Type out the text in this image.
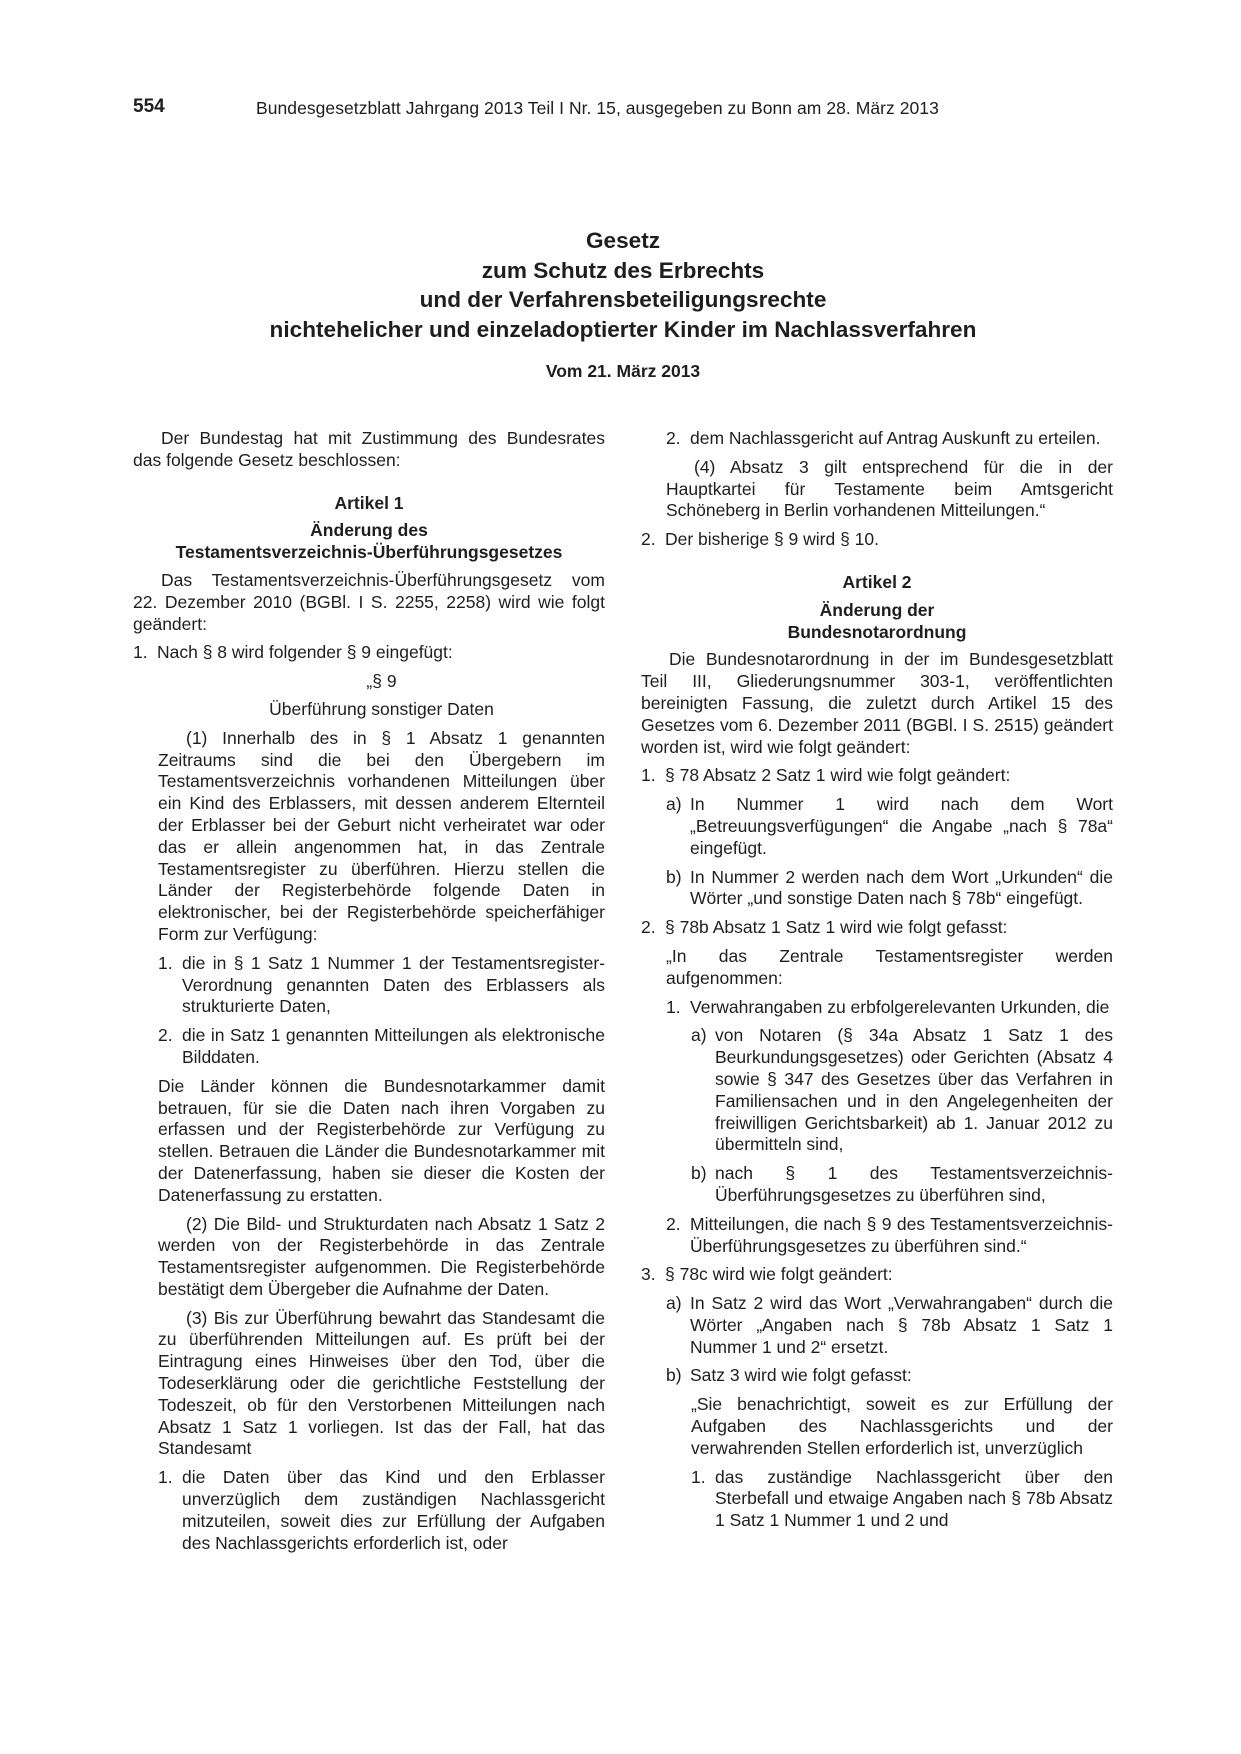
554	Bundesgesetzblatt Jahrgang 2013 Teil I Nr. 15, ausgegeben zu Bonn am 28. März 2013
Gesetz
zum Schutz des Erbrechts
und der Verfahrensbeteiligungsrechte
nichtehelicher und einzeladoptierter Kinder im Nachlassverfahren
Vom 21. März 2013

Der Bundestag hat mit Zustimmung des Bundesrates das folgende Gesetz beschlossen:

Artikel 1

Änderung des

Testamentsverzeichnis-Überführungsgesetzes

Das Testamentsverzeichnis-Überführungsgesetz vom 22. Dezember 2010 (BGBl. I S. 2255, 2258) wird wie folgt geändert:

1. Nach § 8 wird folgender § 9 eingefügt:

„§ 9

Überführung sonstiger Daten

(1) Innerhalb des in § 1 Absatz 1 genannten Zeitraums sind die bei den Übergebern im Testamentsverzeichnis vorhandenen Mitteilungen über ein Kind des Erblassers, mit dessen anderem Elternteil der Erblasser bei der Geburt nicht verheiratet war oder das er allein angenommen hat, in das Zentrale Testamentsregister zu überführen. Hierzu stellen die Länder der Registerbehörde folgende Daten in elektronischer, bei der Registerbehörde speicherfähiger Form zur Verfügung:

1. die in § 1 Satz 1 Nummer 1 der Testamentsregister-Verordnung genannten Daten des Erblassers als strukturierte Daten,

2. die in Satz 1 genannten Mitteilungen als elektronische Bilddaten.

Die Länder können die Bundesnotarkammer damit betrauen, für sie die Daten nach ihren Vorgaben zu erfassen und der Registerbehörde zur Verfügung zu stellen. Betrauen die Länder die Bundesnotarkammer mit der Datenerfassung, haben sie dieser die Kosten der Datenerfassung zu erstatten.

(2) Die Bild- und Strukturdaten nach Absatz 1 Satz 2 werden von der Registerbehörde in das Zentrale Testamentsregister aufgenommen. Die Registerbehörde bestätigt dem Übergeber die Aufnahme der Daten.

(3) Bis zur Überführung bewahrt das Standesamt die zu überführenden Mitteilungen auf. Es prüft bei der Eintragung eines Hinweises über den Tod, über die Todeserklärung oder die gerichtliche Feststellung der Todeszeit, ob für den Verstorbenen Mitteilungen nach Absatz 1 Satz 1 vorliegen. Ist das der Fall, hat das Standesamt

1. die Daten über das Kind und den Erblasser unverzüglich dem zuständigen Nachlassgericht mitzuteilen, soweit dies zur Erfüllung der Aufgaben des Nachlassgerichts erforderlich ist, oder

2. dem Nachlassgericht auf Antrag Auskunft zu erteilen.

(4) Absatz 3 gilt entsprechend für die in der Hauptkartei für Testamente beim Amtsgericht Schöneberg in Berlin vorhandenen Mitteilungen.“

2. Der bisherige § 9 wird § 10.

Artikel 2

Änderung der

Bundesnotarordnung

Die Bundesnotarordnung in der im Bundesgesetzblatt Teil III, Gliederungsnummer 303-1, veröffentlichten bereinigten Fassung, die zuletzt durch Artikel 15 des Gesetzes vom 6. Dezember 2011 (BGBl. I S. 2515) geändert worden ist, wird wie folgt geändert:

1. § 78 Absatz 2 Satz 1 wird wie folgt geändert:

a) In Nummer 1 wird nach dem Wort „Betreuungsverfügungen“ die Angabe „nach § 78a“ eingefügt.

b) In Nummer 2 werden nach dem Wort „Urkunden“ die Wörter „und sonstige Daten nach § 78b“ eingefügt.

2. § 78b Absatz 1 Satz 1 wird wie folgt gefasst:

„In das Zentrale Testamentsregister werden aufgenommen:

1. Verwahrangaben zu erbfolgerelevanten Urkunden, die

a) von Notaren (§ 34a Absatz 1 Satz 1 des Beurkundungsgesetzes) oder Gerichten (Absatz 4 sowie § 347 des Gesetzes über das Verfahren in Familiensachen und in den Angelegenheiten der freiwilligen Gerichtsbarkeit) ab 1. Januar 2012 zu übermitteln sind,

b) nach § 1 des Testamentsverzeichnis-Überführungsgesetzes zu überführen sind,

2. Mitteilungen, die nach § 9 des Testamentsverzeichnis-Überführungsgesetzes zu überführen sind.“

3. § 78c wird wie folgt geändert:

a) In Satz 2 wird das Wort „Verwahrangaben“ durch die Wörter „Angaben nach § 78b Absatz 1 Satz 1 Nummer 1 und 2“ ersetzt.

b) Satz 3 wird wie folgt gefasst:

„Sie benachrichtigt, soweit es zur Erfüllung der Aufgaben des Nachlassgerichts und der verwahrenden Stellen erforderlich ist, unverzüglich

1. das zuständige Nachlassgericht über den Sterbefall und etwaige Angaben nach § 78b Absatz 1 Satz 1 Nummer 1 und 2 und
